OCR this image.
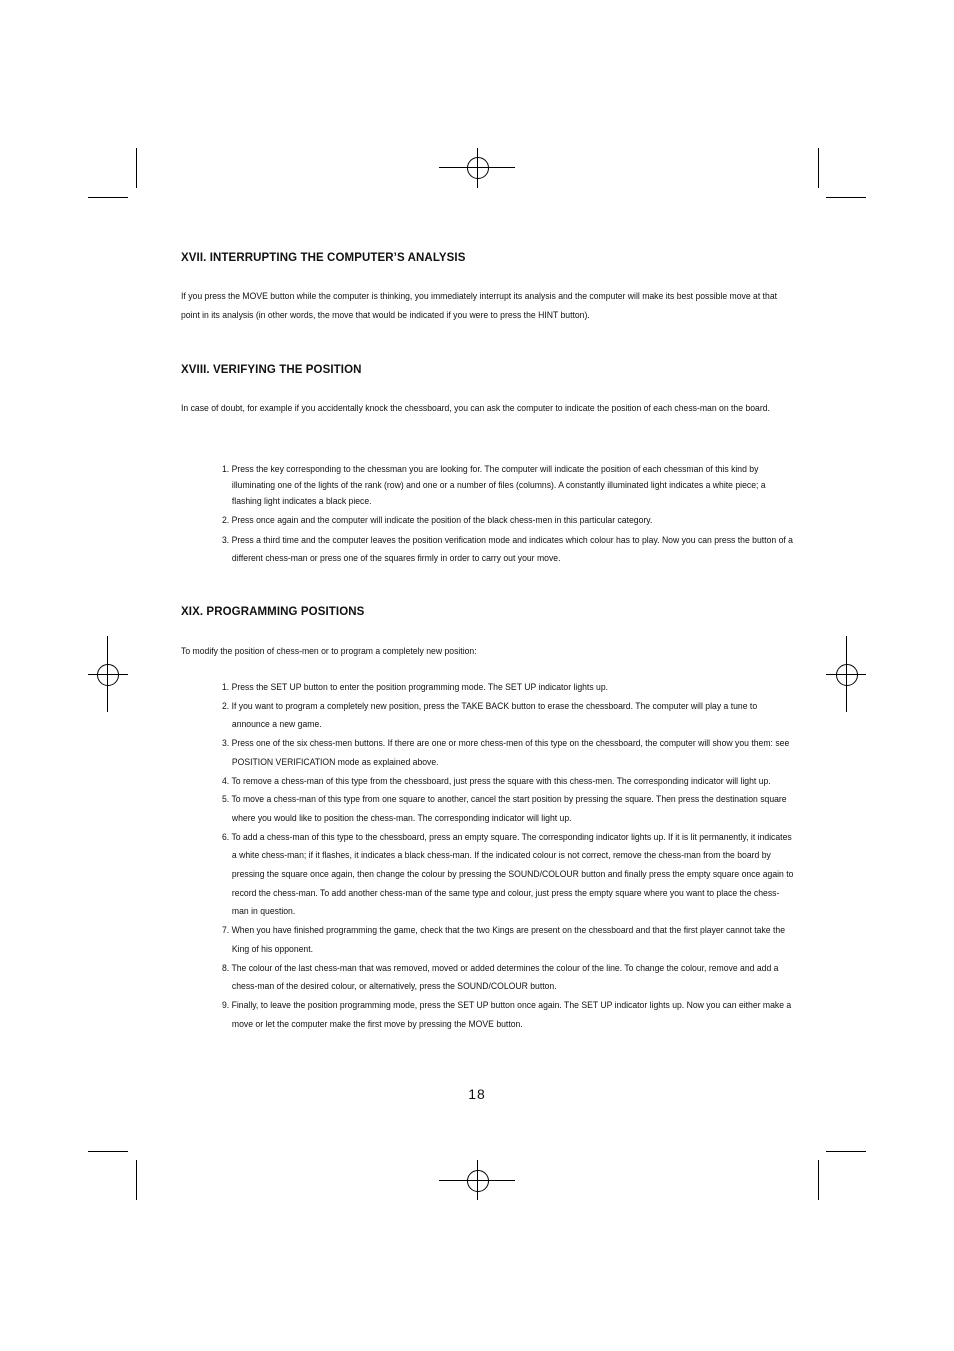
XVII. INTERRUPTING THE COMPUTER’S ANALYSIS

If you press the MOVE button while the computer is thinking, you immediately interrupt its analysis and the computer will make its best possible move at that point in its analysis (in other words, the move that would be indicated if you were to press the HINT button).

XVIII. VERIFYING THE POSITION

In case of doubt, for example if you accidentally knock the chessboard, you can ask the computer to indicate the position of each chess-man on the board.

1. Press the key corresponding to the chessman you are looking for. The computer will indicate the position of each chessman of this kind by illuminating one of the lights of the rank (row) and one or a number of files (columns). A constantly illuminated light indicates a white piece; a flashing light indicates a black piece.
2. Press once again and the computer will indicate the position of the black chess-men in this particular category.
3. Press a third time and the computer leaves the position verification mode and indicates which colour has to play. Now you can press the button of a different chess-man or press one of the squares firmly in order to carry out your move.
XIX. PROGRAMMING POSITIONS

To modify the position of chess-men or to program a completely new position:

1. Press the SET UP button to enter the position programming mode. The SET UP indicator lights up.
2. If you want to program a completely new position, press the TAKE BACK button to erase the chessboard. The computer will play a tune to announce a new game.
3. Press one of the six chess-men buttons. If there are one or more chess-men of this type on the chessboard, the computer will show you them: see POSITION VERIFICATION mode as explained above.
4. To remove a chess-man of this type from the chessboard, just press the square with this chess-men. The corresponding indicator will light up.
5. To move a chess-man of this type from one square to another, cancel the start position by pressing the square. Then press the destination square where you would like to position the chess-man. The corresponding indicator will light up.
6. To add a chess-man of this type to the chessboard, press an empty square. The corresponding indicator lights up. If it is lit permanently, it indicates a white chess-man; if it flashes, it indicates a black chess-man. If the indicated colour is not correct, remove the chess-man from the board by pressing the square once again, then change the colour by pressing the SOUND/COLOUR button and finally press the empty square once again to record the chess-man. To add another chess-man of the same type and colour, just press the empty square where you want to place the chess-man in question.
7. When you have finished programming the game, check that the two Kings are present on the chessboard and that the first player cannot take the King of his opponent.
8. The colour of the last chess-man that was removed, moved or added determines the colour of the line. To change the colour, remove and add a chess-man of the desired colour, or alternatively, press the SOUND/COLOUR button.
9. Finally, to leave the position programming mode, press the SET UP button once again. The SET UP indicator lights up. Now you can either make a move or let the computer make the first move by pressing the MOVE button.
18
